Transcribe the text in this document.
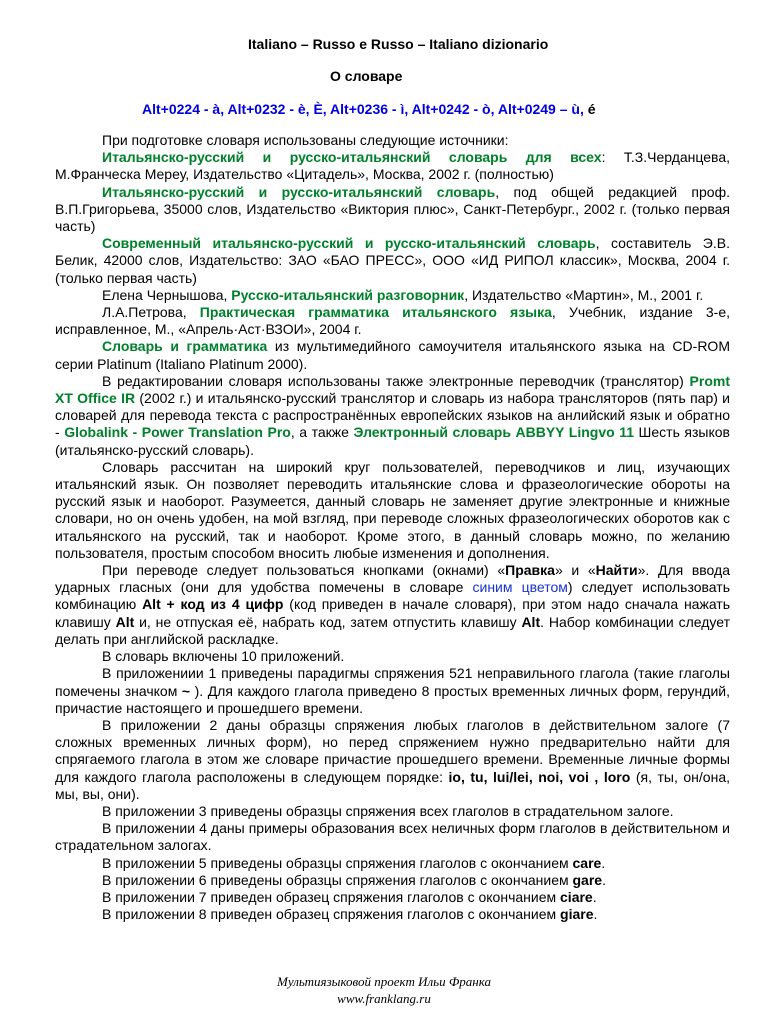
Italiano – Russo e Russo – Italiano dizionario
О словаре
Alt+0224 - à, Alt+0232 - è, È, Alt+0236 - ì, Alt+0242 - ò, Alt+0249 – ù, é

При подготовке словаря использованы следующие источники:

Итальянско-русский и русско-итальянский словарь для всех: Т.З.Черданцева, М.Франческа Мереу, Издательство «Цитадель», Москва, 2002 г. (полностью)

Итальянско-русский и русско-итальянский словарь, под общей редакцией проф. В.П.Григорьева, 35000 слов, Издательство «Виктория плюс», Санкт-Петербург., 2002 г. (только первая часть)

Современный итальянско-русский и русско-итальянский словарь, составитель Э.В. Белик, 42000 слов, Издательство: ЗАО «БАО ПРЕСС», ООО «ИД РИПОЛ классик», Москва, 2004 г. (только первая часть)

Елена Чернышова, Русско-итальянский разговорник, Издательство «Мартин», М., 2001 г.

Л.А.Петрова, Практическая грамматика итальянского языка, Учебник, издание 3-е, исправленное, М., «Апрель·Аст·ВЗОИ», 2004 г.

Словарь и грамматика из мультимедийного самоучителя итальянского языка на CD-ROM серии Platinum (Italiano Platinum 2000).

В редактировании словаря использованы также электронные переводчик (транслятор) Promt XT Office IR (2002 г.) и итальянско-русский транслятор и словарь из набора трансляторов (пять пар) и словарей для перевода текста с распространённых европейских языков на анлийский язык и обратно - Globalink - Power Translation Pro, а также Электронный словарь ABBYY Lingvo 11 Шесть языков (итальянско-русский словарь).

Словарь рассчитан на широкий круг пользователей, переводчиков и лиц, изучающих итальянский язык. Он позволяет переводить итальянские слова и фразеологические обороты на русский язык и наоборот. Разумеется, данный словарь не заменяет другие электронные и книжные словари, но он очень удобен, на мой взгляд, при переводе сложных фразеологических оборотов как с итальянского на русский, так и наоборот. Кроме этого, в данный словарь можно, по желанию пользователя, простым способом вносить любые изменения и дополнения.

При переводе следует пользоваться кнопками (окнами) «Правка» и «Найти». Для ввода ударных гласных (они для удобства помечены в словаре синим цветом) следует использовать комбинацию Alt + код из 4 цифр (код приведен в начале словаря), при этом надо сначала нажать клавишу Alt и, не отпуская её, набрать код, затем отпустить клавишу Alt. Набор комбинации следует делать при английской раскладке.

В словарь включены 10 приложений.

В приложениии 1 приведены парадигмы спряжения 521 неправильного глагола (такие глаголы помечены значком ~ ). Для каждого глагола приведено 8 простых временных личных форм, герундий, причастие настоящего и прошедшего времени.

В приложении 2 даны образцы спряжения любых глаголов в действительном залоге (7 сложных временных личных форм), но перед спряжением нужно предварительно найти для спрягаемого глагола в этом же словаре причастие прошедшего времени. Временные личные формы для каждого глагола расположены в следующем порядке: io, tu, lui/lei, noi, voi , loro (я, ты, он/она, мы, вы, они).

В приложении 3 приведены образцы спряжения всех глаголов в страдательном залоге.

В приложении 4 даны примеры образования всех неличных форм глаголов в действительном и страдательном залогах.

В приложении 5 приведены образцы спряжения глаголов с окончанием care.

В приложении 6 приведены образцы спряжения глаголов с окончанием gare.

В приложении 7 приведен образец спряжения глаголов с окончанием ciare.

В приложении 8 приведен образец спряжения глаголов с окончанием giare.

Мультиязыковой проект Ильи Франка
www.franklang.ru
